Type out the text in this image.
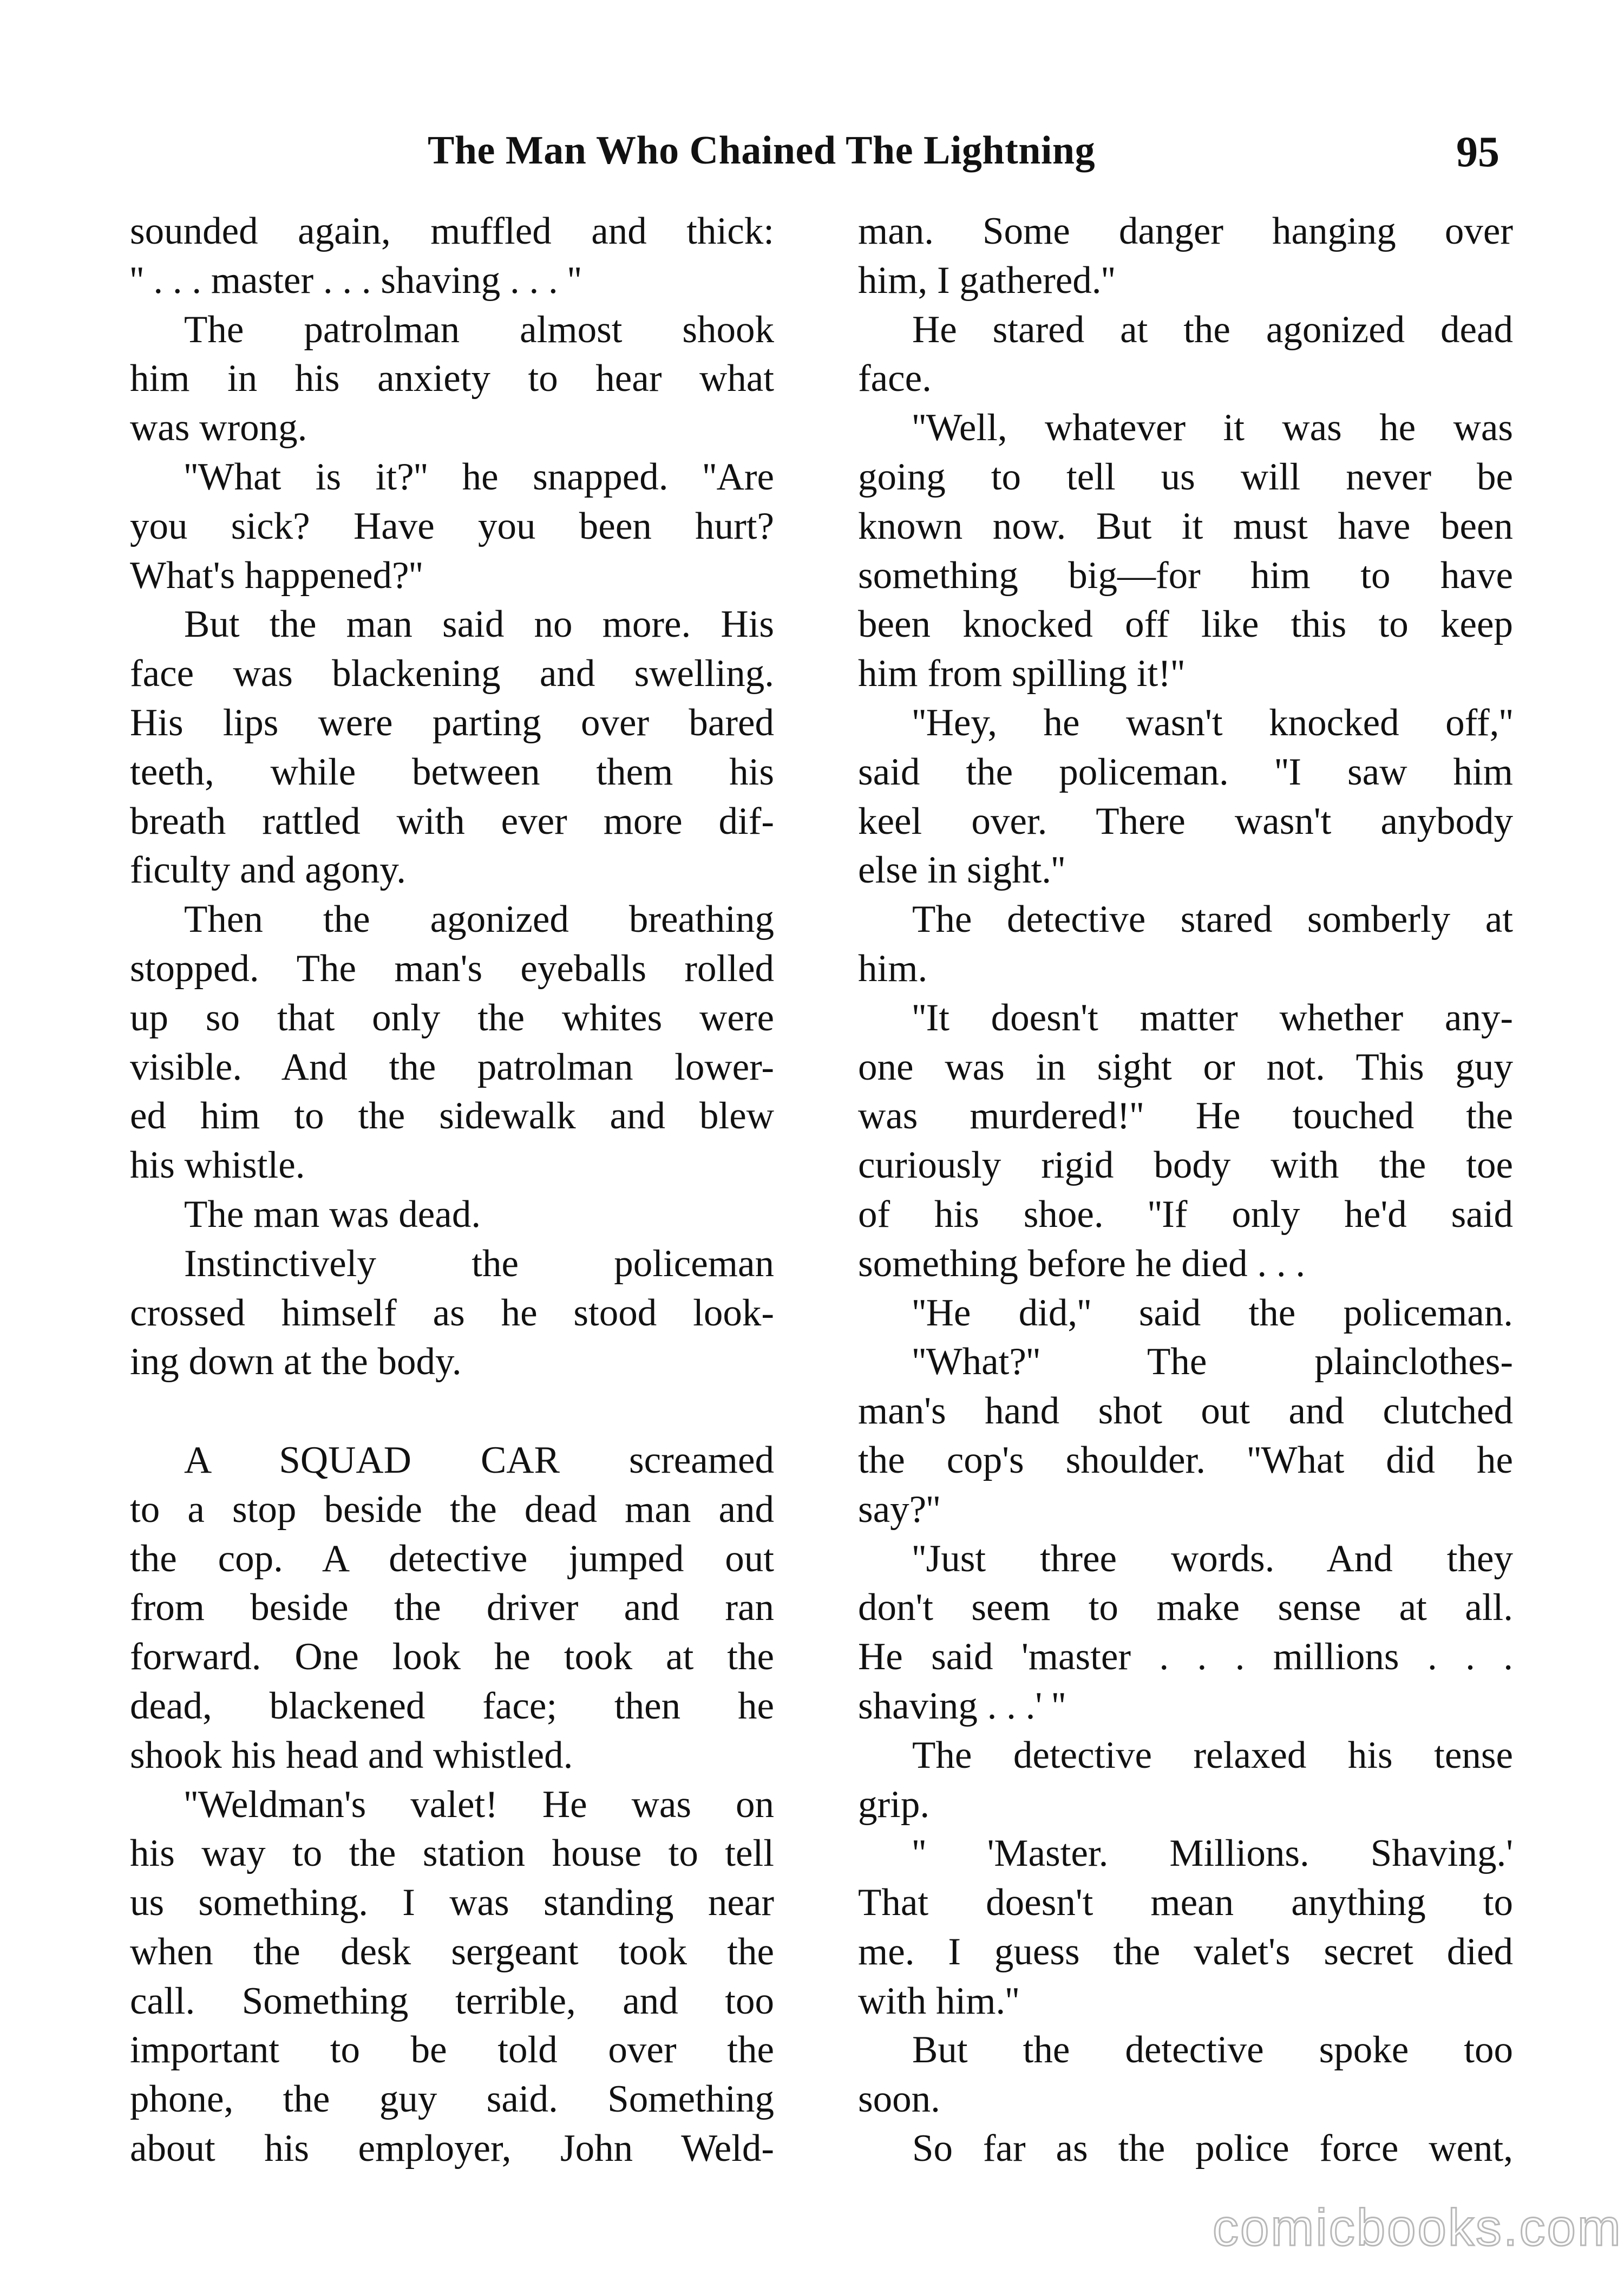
The Man Who Chained The Lightning	95
sounded again, muffled and thick:
'' . . . master . . . shaving . . . ''
The patrolman almost shook
him in his anxiety to hear what
was wrong.
''What is it?'' he snapped. ''Are
you sick? Have you been hurt?
What's happened?''
But the man said no more. His
face was blackening and swelling.
His lips were parting over bared
teeth, while between them his
breath rattled with ever more dif-
ficulty and agony.
Then the agonized breathing
stopped. The man's eyeballs rolled
up so that only the whites were
visible. And the patrolman lower-
ed him to the sidewalk and blew
his whistle.
The man was dead.
Instinctively the policeman
crossed himself as he stood look-
ing down at the body.
A SQUAD CAR screamed
to a stop beside the dead man and
the cop. A detective jumped out
from beside the driver and ran
forward. One look he took at the
dead, blackened face; then he
shook his head and whistled.
''Weldman's valet! He was on
his way to the station house to tell
us something. I was standing near
when the desk sergeant took the
call. Something terrible, and too
important to be told over the
phone, the guy said. Something
about his employer, John Weld-
man. Some danger hanging over
him, I gathered.''
He stared at the agonized dead
face.
''Well, whatever it was he was
going to tell us will never be
known now. But it must have been
something big—for him to have
been knocked off like this to keep
him from spilling it!''
''Hey, he wasn't knocked off,''
said the policeman. ''I saw him
keel over. There wasn't anybody
else in sight.''
The detective stared somberly at
him.
''It doesn't matter whether any-
one was in sight or not. This guy
was murdered!'' He touched the
curiously rigid body with the toe
of his shoe. ''If only he'd said
something before he died . . .
''He did,'' said the policeman.
''What?'' The plainclothes-
man's hand shot out and clutched
the cop's shoulder. ''What did he
say?''
''Just three words. And they
don't seem to make sense at all.
He said 'master . . . millions . . .
shaving . . .' ''
The detective relaxed his tense
grip.
'' 'Master. Millions. Shaving.'
That doesn't mean anything to
me. I guess the valet's secret died
with him.''
But the detective spoke too
soon.
So far as the police force went,
comicbooks.com
